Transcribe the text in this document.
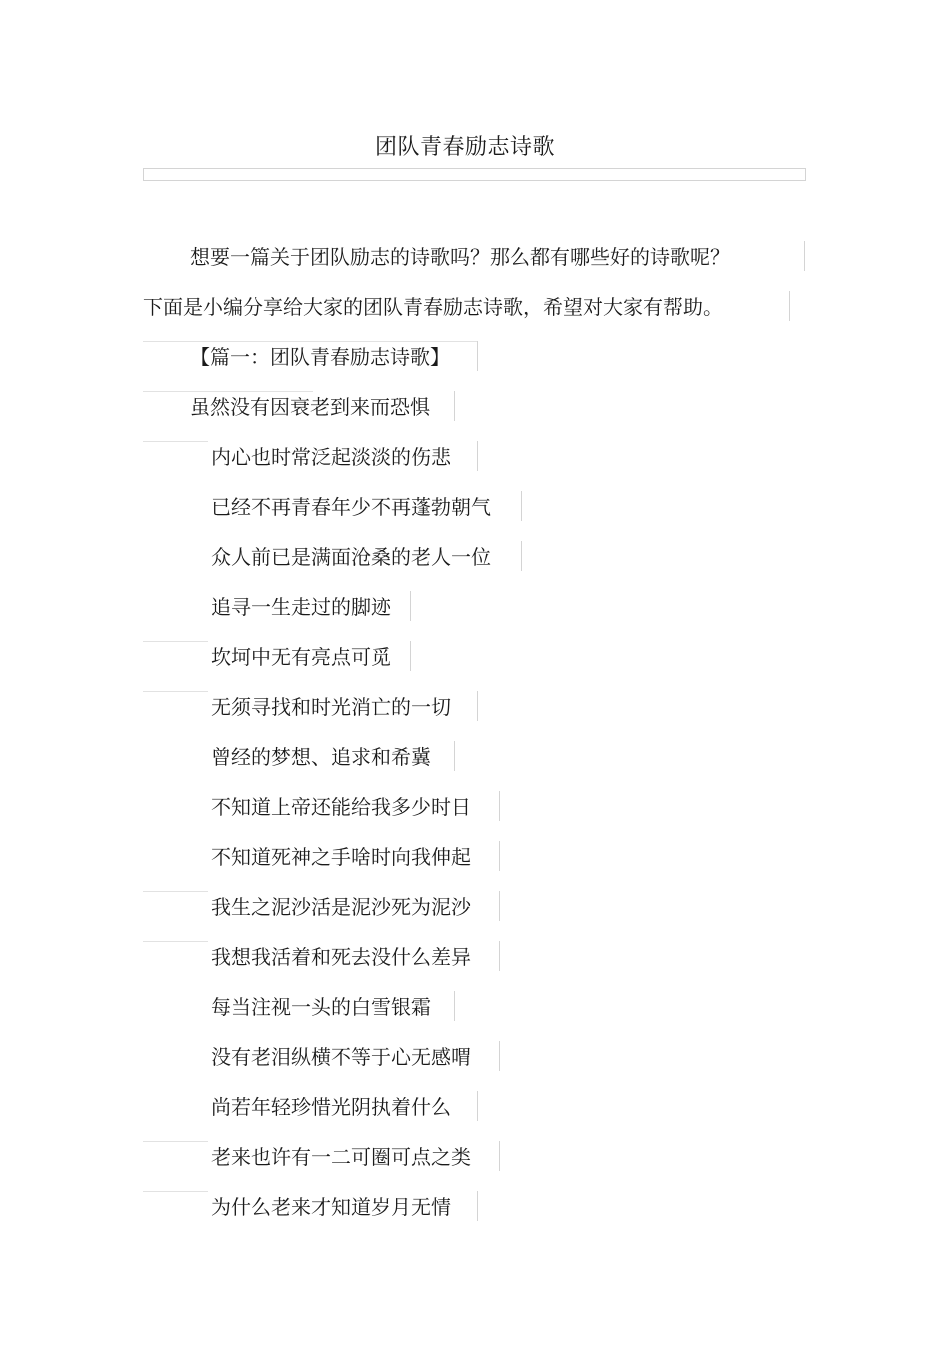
团队青春励志诗歌
想要一篇关于团队励志的诗歌吗？那么都有哪些好的诗歌呢？
下面是小编分享给大家的团队青春励志诗歌，希望对大家有帮助。
【篇一：团队青春励志诗歌】
虽然没有因衰老到来而恐惧
内心也时常泛起淡淡的伤悲
已经不再青春年少不再蓬勃朝气
众人前已是满面沧桑的老人一位
追寻一生走过的脚迹
坎坷中无有亮点可觅
无须寻找和时光消亡的一切
曾经的梦想、追求和希冀
不知道上帝还能给我多少时日
不知道死神之手啥时向我伸起
我生之泥沙活是泥沙死为泥沙
我想我活着和死去没什么差异
每当注视一头的白雪银霜
没有老泪纵横不等于心无感喟
尚若年轻珍惜光阴执着什么
老来也许有一二可圈可点之类
为什么老来才知道岁月无情
